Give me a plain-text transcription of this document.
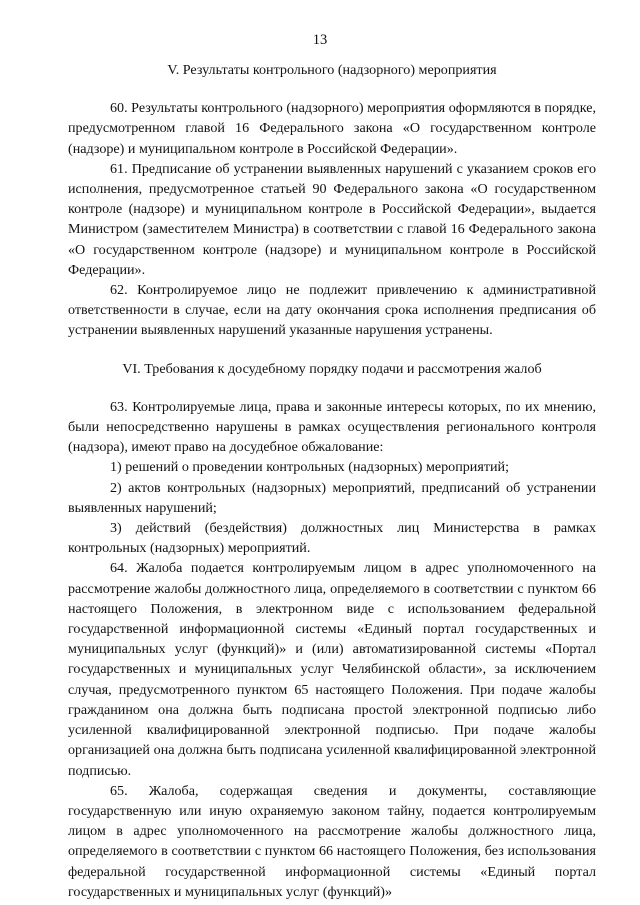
13

V. Результаты контрольного (надзорного) мероприятия

60. Результаты контрольного (надзорного) мероприятия оформляются в порядке, предусмотренном главой 16 Федерального закона «О государственном контроле (надзоре) и муниципальном контроле в Российской Федерации».

61. Предписание об устранении выявленных нарушений с указанием сроков его исполнения, предусмотренное статьей 90 Федерального закона «О государственном контроле (надзоре) и муниципальном контроле в Российской Федерации», выдается Министром (заместителем Министра) в соответствии с главой 16 Федерального закона «О государственном контроле (надзоре) и муниципальном контроле в Российской Федерации».

62. Контролируемое лицо не подлежит привлечению к административной ответственности в случае, если на дату окончания срока исполнения предписания об устранении выявленных нарушений указанные нарушения устранены.

VI. Требования к досудебному порядку подачи и рассмотрения жалоб

63. Контролируемые лица, права и законные интересы которых, по их мнению, были непосредственно нарушены в рамках осуществления регионального контроля (надзора), имеют право на досудебное обжалование:

1) решений о проведении контрольных (надзорных) мероприятий;

2) актов контрольных (надзорных) мероприятий, предписаний об устранении выявленных нарушений;

3) действий (бездействия) должностных лиц Министерства в рамках контрольных (надзорных) мероприятий.

64. Жалоба подается контролируемым лицом в адрес уполномоченного на рассмотрение жалобы должностного лица, определяемого в соответствии с пунктом 66 настоящего Положения, в электронном виде с использованием федеральной государственной информационной системы «Единый портал государственных и муниципальных услуг (функций)» и (или) автоматизированной системы «Портал государственных и муниципальных услуг Челябинской области», за исключением случая, предусмотренного пунктом 65 настоящего Положения. При подаче жалобы гражданином она должна быть подписана простой электронной подписью либо усиленной квалифицированной электронной подписью. При подаче жалобы организацией она должна быть подписана усиленной квалифицированной электронной подписью.

65. Жалоба, содержащая сведения и документы, составляющие государственную или иную охраняемую законом тайну, подается контролируемым лицом в адрес уполномоченного на рассмотрение жалобы должностного лица, определяемого в соответствии с пунктом 66 настоящего Положения, без использования федеральной государственной информационной системы «Единый портал государственных и муниципальных услуг (функций)»
